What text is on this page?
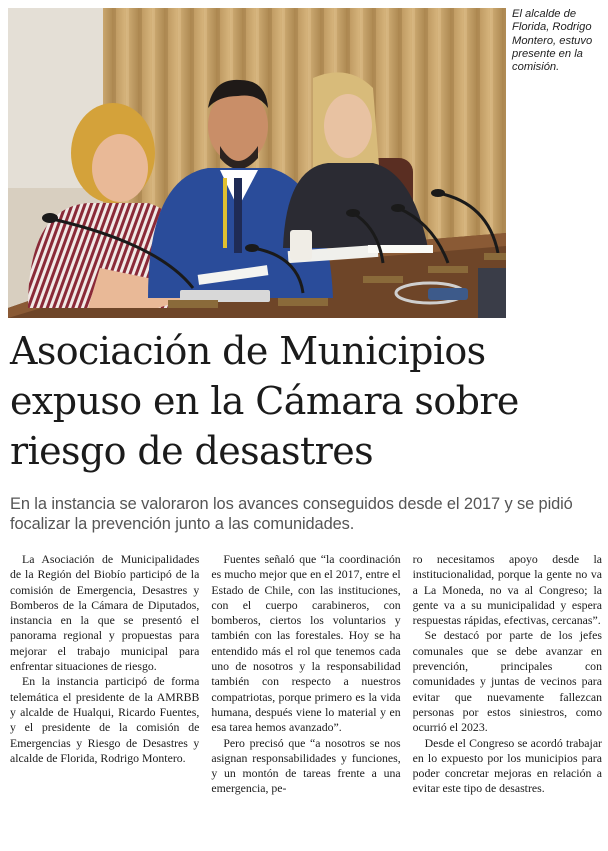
El alcalde de Florida, Rodrigo Montero, estuvo presente en la comisión.
Asociación de Municipios expuso en la Cámara sobre riesgo de desastres

En la instancia se valoraron los avances conseguidos desde el 2017 y se pidió focalizar la prevención junto a las comunidades.

La Asociación de Municipalidades de la Región del Biobío participó de la comisión de Emergencia, Desastres y Bomberos de la Cámara de Diputados, instancia en la que se presentó el panorama regional y propuestas para mejorar el trabajo municipal para enfrentar situaciones de riesgo.

En la instancia participó de forma telemática el presidente de la AMRBB y alcalde de Hualqui, Ricardo Fuentes, y el presidente de la comisión de Emergencias y Riesgo de Desastres y alcalde de Florida, Rodrigo Montero.

Fuentes señaló que “la coordinación es mucho mejor que en el 2017, entre el Estado de Chile, con las instituciones, con el cuerpo carabineros, con bomberos, ciertos los voluntarios y también con las forestales. Hoy se ha entendido más el rol que tenemos cada uno de nosotros y la responsabilidad también con respecto a nuestros compatriotas, porque primero es la vida humana, después viene lo material y en esa tarea hemos avanzado”.

Pero precisó que “a nosotros se nos asignan responsabilidades y funciones, y un montón de tareas frente a una emergencia, pe-

ro necesitamos apoyo desde la institucionalidad, porque la gente no va a La Moneda, no va al Congreso; la gente va a su municipalidad y espera respuestas rápidas, efectivas, cercanas”.

Se destacó por parte de los jefes comunales que se debe avanzar en prevención, principales con comunidades y juntas de vecinos para evitar que nuevamente fallezcan personas por estos siniestros, como ocurrió el 2023.

Desde el Congreso se acordó trabajar en lo expuesto por los municipios para poder concretar mejoras en relación a evitar este tipo de desastres.
